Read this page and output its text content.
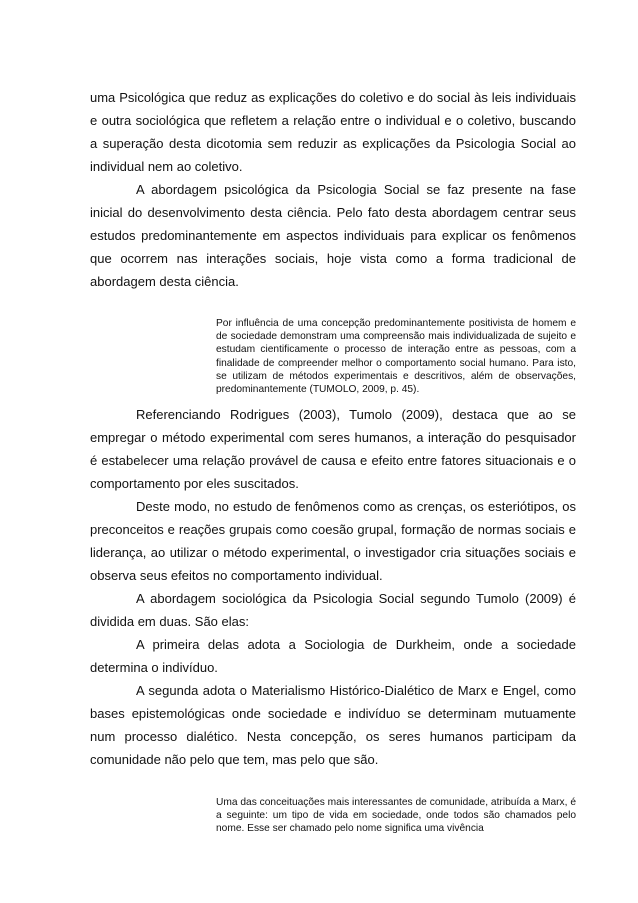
uma Psicológica que reduz as explicações do coletivo e do social às leis individuais e outra sociológica que refletem a relação entre o individual e o coletivo, buscando a superação desta dicotomia sem reduzir as explicações da Psicologia Social ao individual nem ao coletivo.

A abordagem psicológica da Psicologia Social se faz presente na fase inicial do desenvolvimento desta ciência. Pelo fato desta abordagem centrar seus estudos predominantemente em aspectos individuais para explicar os fenômenos que ocorrem nas interações sociais, hoje vista como a forma tradicional de abordagem desta ciência.

Por influência de uma concepção predominantemente positivista de homem e de sociedade demonstram uma compreensão mais individualizada de sujeito e estudam cientificamente o processo de interação entre as pessoas, com a finalidade de compreender melhor o comportamento social humano. Para isto, se utilizam de métodos experimentais e descritivos, além de observações, predominantemente (TUMOLO, 2009, p. 45).

Referenciando Rodrigues (2003), Tumolo (2009), destaca que ao se empregar o método experimental com seres humanos, a interação do pesquisador é estabelecer uma relação provável de causa e efeito entre fatores situacionais e o comportamento por eles suscitados.

Deste modo, no estudo de fenômenos como as crenças, os esteriótipos, os preconceitos e reações grupais como coesão grupal, formação de normas sociais e liderança, ao utilizar o método experimental, o investigador cria situações sociais e observa seus efeitos no comportamento individual.

A abordagem sociológica da Psicologia Social segundo Tumolo (2009) é dividida em duas. São elas:

A primeira delas adota a Sociologia de Durkheim, onde a sociedade determina o indivíduo.

A segunda adota o Materialismo Histórico-Dialético de Marx e Engel, como bases epistemológicas onde sociedade e indivíduo se determinam mutuamente num processo dialético. Nesta concepção, os seres humanos participam da comunidade não pelo que tem, mas pelo que são.

Uma das conceituações mais interessantes de comunidade, atribuída a Marx, é a seguinte: um tipo de vida em sociedade, onde todos são chamados pelo nome. Esse ser chamado pelo nome significa uma vivência
